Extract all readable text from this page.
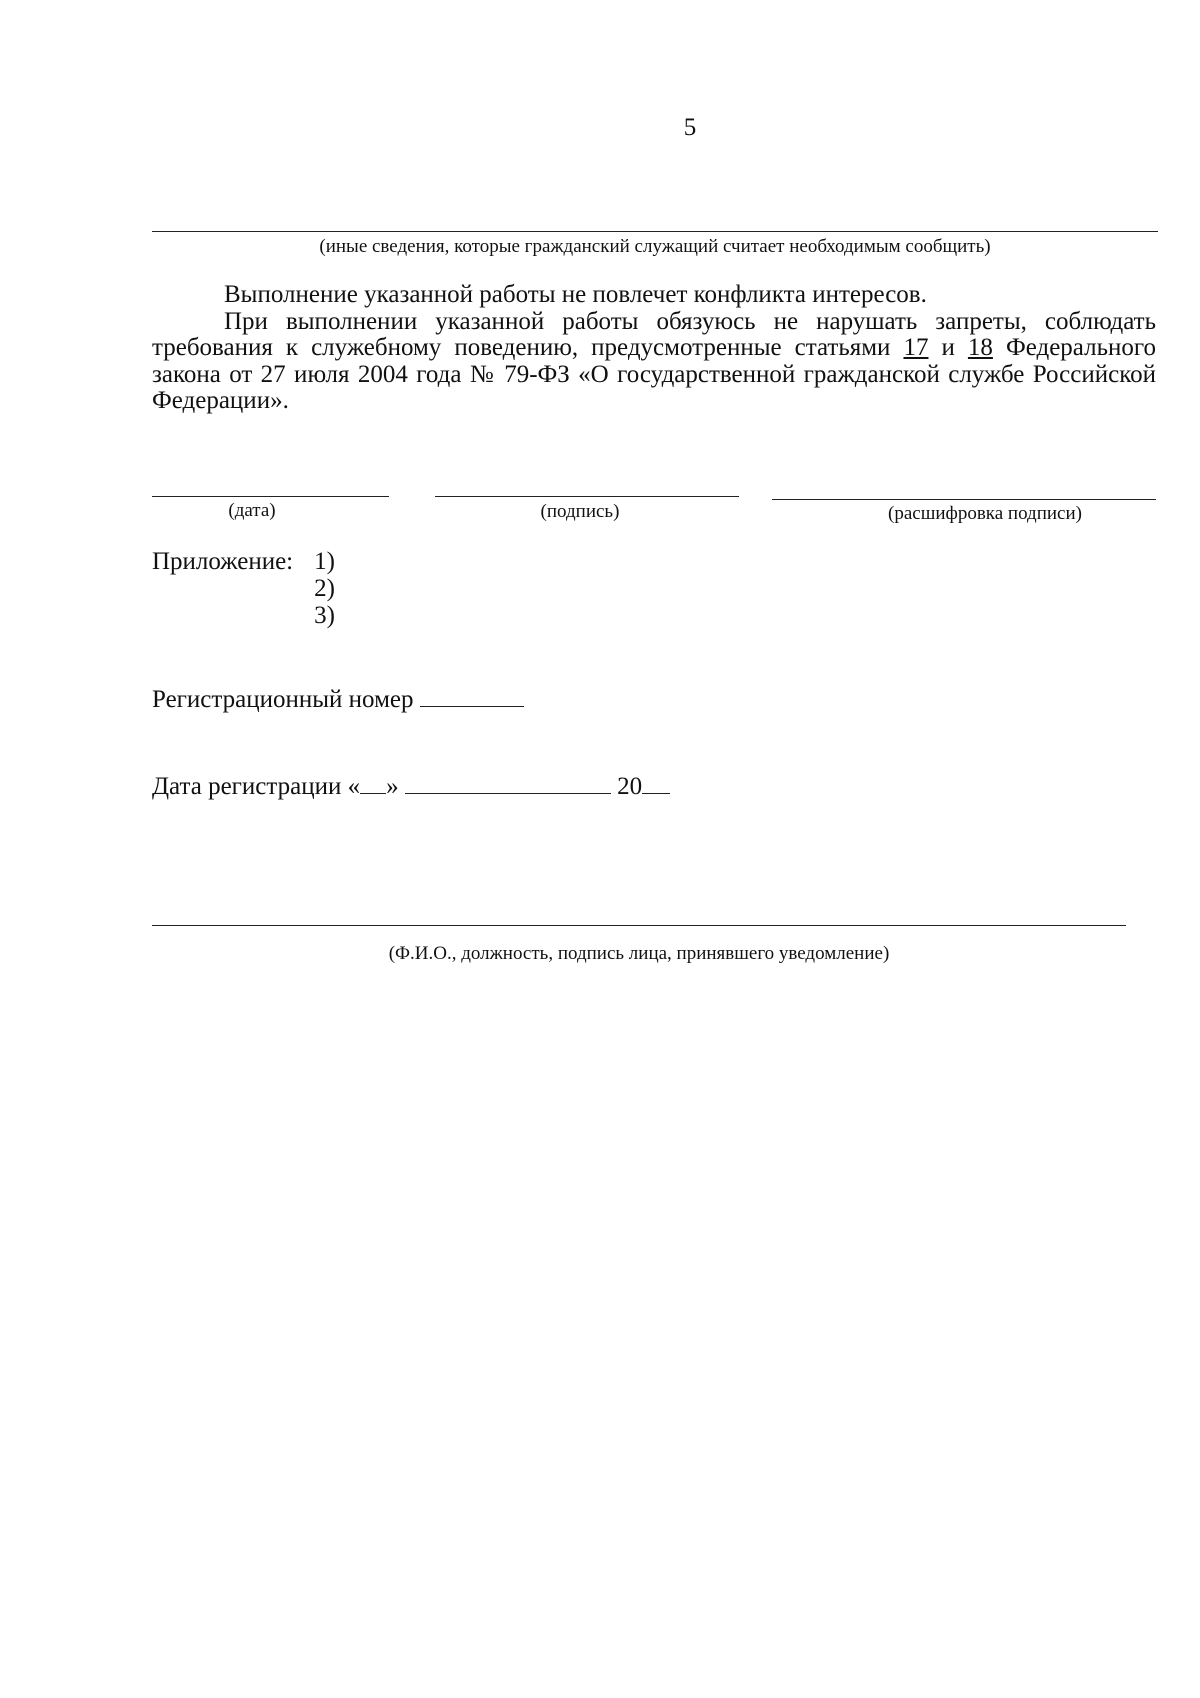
5
(иные сведения, которые гражданский служащий считает необходимым сообщить)

Выполнение указанной работы не повлечет конфликта интересов.

При выполнении указанной работы обязуюсь не нарушать запреты, соблюдать требования к служебному поведению, предусмотренные статьями 17 и 18 Федерального закона от 27 июля 2004 года № 79-ФЗ «О государственной гражданской службе Российской Федерации».

(дата)	(подпись)	(расшифровка подписи)
Приложение: 1)
2)
3)
Регистрационный номер
Дата регистрации « »	20
(Ф.И.О., должность, подпись лица, принявшего уведомление)
